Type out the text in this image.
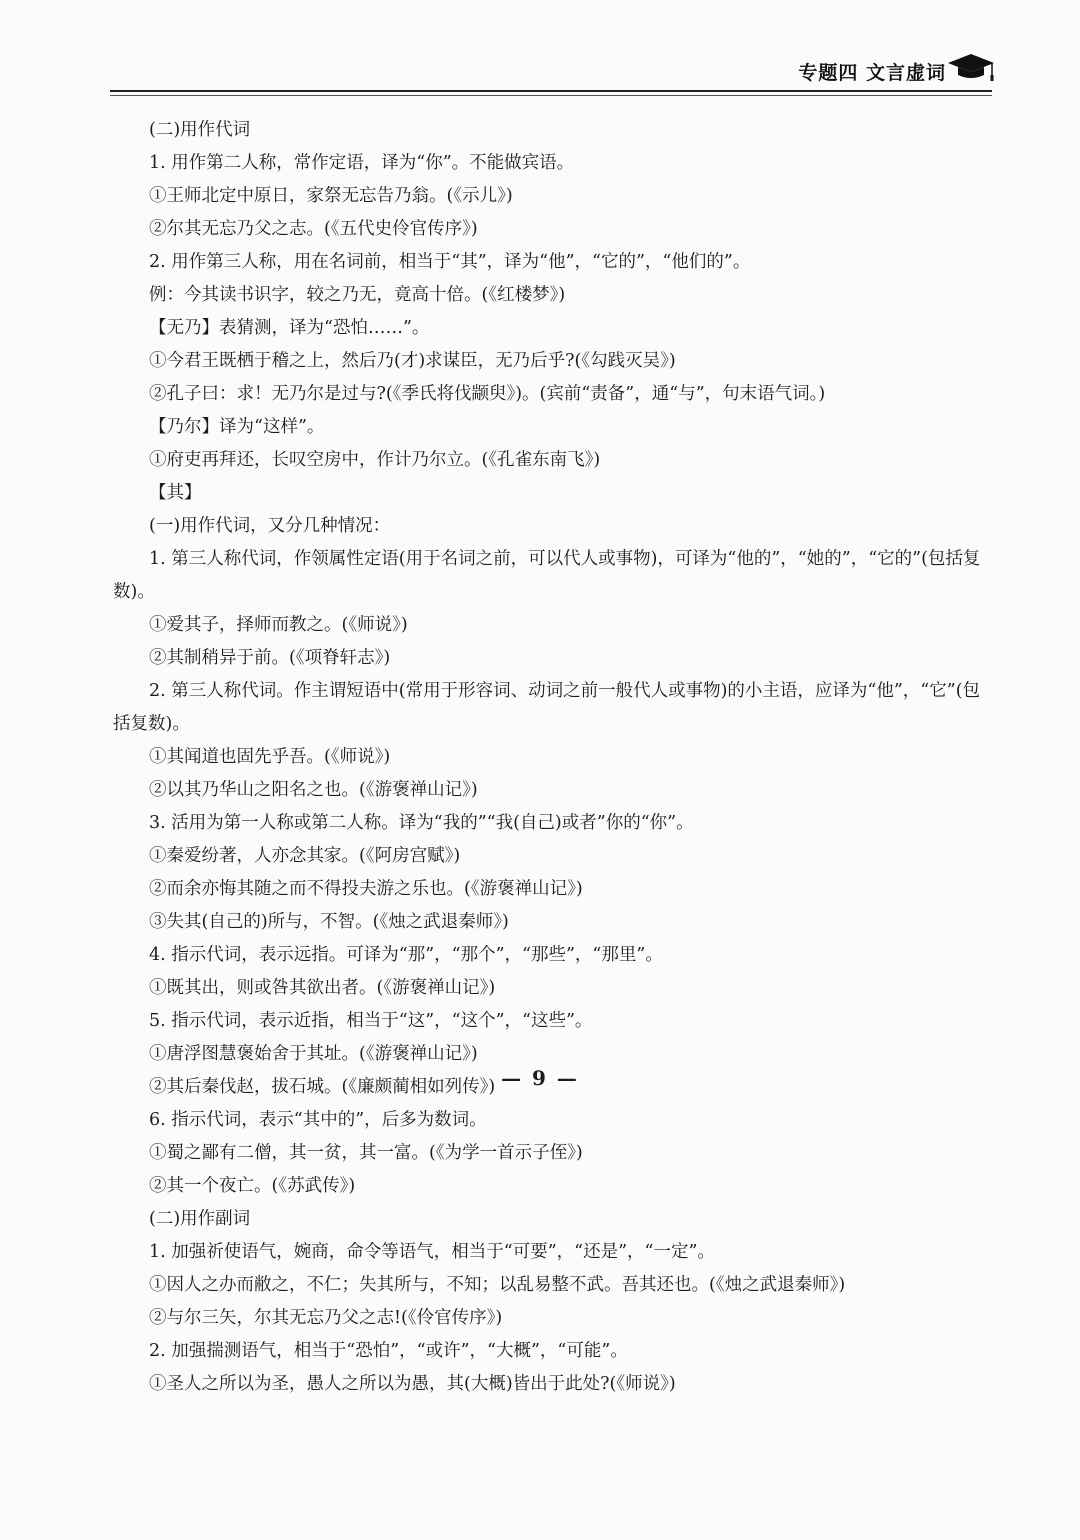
专题四 文言虚词
(二)用作代词
1. 用作第二人称，常作定语，译为“你”。不能做宾语。
①王师北定中原日，家祭无忘告乃翁。(《示儿》)
②尔其无忘乃父之志。(《五代史伶官传序》)
2. 用作第三人称，用在名词前，相当于“其”，译为“他”，“它的”，“他们的”。
例：今其读书识字，较之乃无，竟高十倍。(《红楼梦》)
【无乃】表猜测，译为“恐怕……”。
①今君王既栖于稽之上，然后乃(才)求谋臣，无乃后乎?(《勾践灭吴》)
②孔子曰：求！无乃尔是过与?(《季氏将伐颛臾》)。(宾前“责备”，通“与”，句末语气词。)
【乃尔】译为“这样”。
①府吏再拜还，长叹空房中，作计乃尔立。(《孔雀东南飞》)
【其】
(一)用作代词，又分几种情况：
1. 第三人称代词，作领属性定语(用于名词之前，可以代人或事物)，可译为“他的”，“她的”，“它的”(包括复数)。
①爱其子，择师而教之。(《师说》)
②其制稍异于前。(《项脊轩志》)
2. 第三人称代词。作主谓短语中(常用于形容词、动词之前一般代人或事物)的小主语，应译为“他”，“它”(包括复数)。
①其闻道也固先乎吾。(《师说》)
②以其乃华山之阳名之也。(《游褒禅山记》)
3. 活用为第一人称或第二人称。译为“我的”“我(自己)或者”你的“你”。
①秦爱纷著，人亦念其家。(《阿房宫赋》)
②而余亦悔其随之而不得投夫游之乐也。(《游褒禅山记》)
③失其(自己的)所与，不智。(《烛之武退秦师》)
4. 指示代词，表示远指。可译为“那”，“那个”，“那些”，“那里”。
①既其出，则或咎其欲出者。(《游褒禅山记》)
5. 指示代词，表示近指，相当于“这”，“这个”，“这些”。
①唐浮图慧褒始舍于其址。(《游褒禅山记》)
②其后秦伐赵，拔石城。(《廉颇蔺相如列传》)
6. 指示代词，表示“其中的”，后多为数词。
①蜀之鄙有二僧，其一贫，其一富。(《为学一首示子侄》)
②其一个夜亡。(《苏武传》)
(二)用作副词
1. 加强祈使语气，婉商，命令等语气，相当于“可要”，“还是”，“一定”。
①因人之办而敝之，不仁；失其所与，不知；以乱易整不武。吾其还也。(《烛之武退秦师》)
②与尔三矢，尔其无忘乃父之志!(《伶官传序》)
2. 加强揣测语气，相当于“恐怕”，“或许”，“大概”，“可能”。
①圣人之所以为圣，愚人之所以为愚，其(大概)皆出于此处?(《师说》)
— 9 —
